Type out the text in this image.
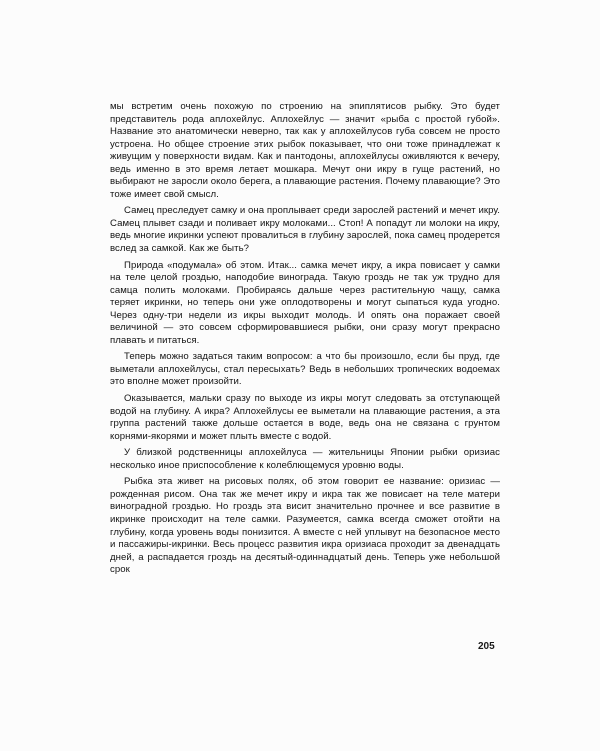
мы встретим очень похожую по строению на эпиплятисов рыбку. Это будет представитель рода аплохейлус. Аплохейлус — значит «рыба с простой губой». Название это анатомически неверно, так как у аплохейлусов губа совсем не просто устроена. Но общее строение этих рыбок показывает, что они тоже принадлежат к живущим у поверхности видам. Как и пантодоны, аплохейлусы оживляются к вечеру, ведь именно в это время летает мошкара. Мечут они икру в гуще растений, но выбирают не заросли около берега, а плавающие растения. Почему плавающие? Это тоже имеет свой смысл.

Самец преследует самку и она проплывает среди зарослей растений и мечет икру. Самец плывет сзади и поливает икру молоками... Стоп! А попадут ли молоки на икру, ведь многие икринки успеют провалиться в глубину зарослей, пока самец продерется вслед за самкой. Как же быть?

Природа «подумала» об этом. Итак... самка мечет икру, а икра повисает у самки на теле целой гроздью, наподобие винограда. Такую гроздь не так уж трудно для самца полить молоками. Пробираясь дальше через растительную чащу, самка теряет икринки, но теперь они уже оплодотворены и могут сыпаться куда угодно. Через одну-три недели из икры выходит молодь. И опять она поражает своей величиной — это совсем сформировавшиеся рыбки, они сразу могут прекрасно плавать и питаться.

Теперь можно задаться таким вопросом: а что бы произошло, если бы пруд, где выметали аплохейлусы, стал пересыхать? Ведь в небольших тропических водоемах это вполне может произойти.

Оказывается, мальки сразу по выходе из икры могут следовать за отступающей водой на глубину. А икра? Аплохейлусы ее выметали на плавающие растения, а эта группа растений также дольше остается в воде, ведь она не связана с грунтом корнями-якорями и может плыть вместе с водой.

У близкой родственницы аплохейлуса — жительницы Японии рыбки оризиас несколько иное приспособление к колеблющемуся уровню воды.

Рыбка эта живет на рисовых полях, об этом говорит ее название: оризиас — рожденная рисом. Она так же мечет икру и икра так же повисает на теле матери виноградной гроздью. Но гроздь эта висит значительно прочнее и все развитие в икринке происходит на теле самки. Разумеется, самка всегда сможет отойти на глубину, когда уровень воды понизится. А вместе с ней уплывут на безопасное место и пассажиры-икринки. Весь процесс развития икра оризиаса проходит за двенадцать дней, а распадается гроздь на десятый-одиннадцатый день. Теперь уже небольшой срок

205
